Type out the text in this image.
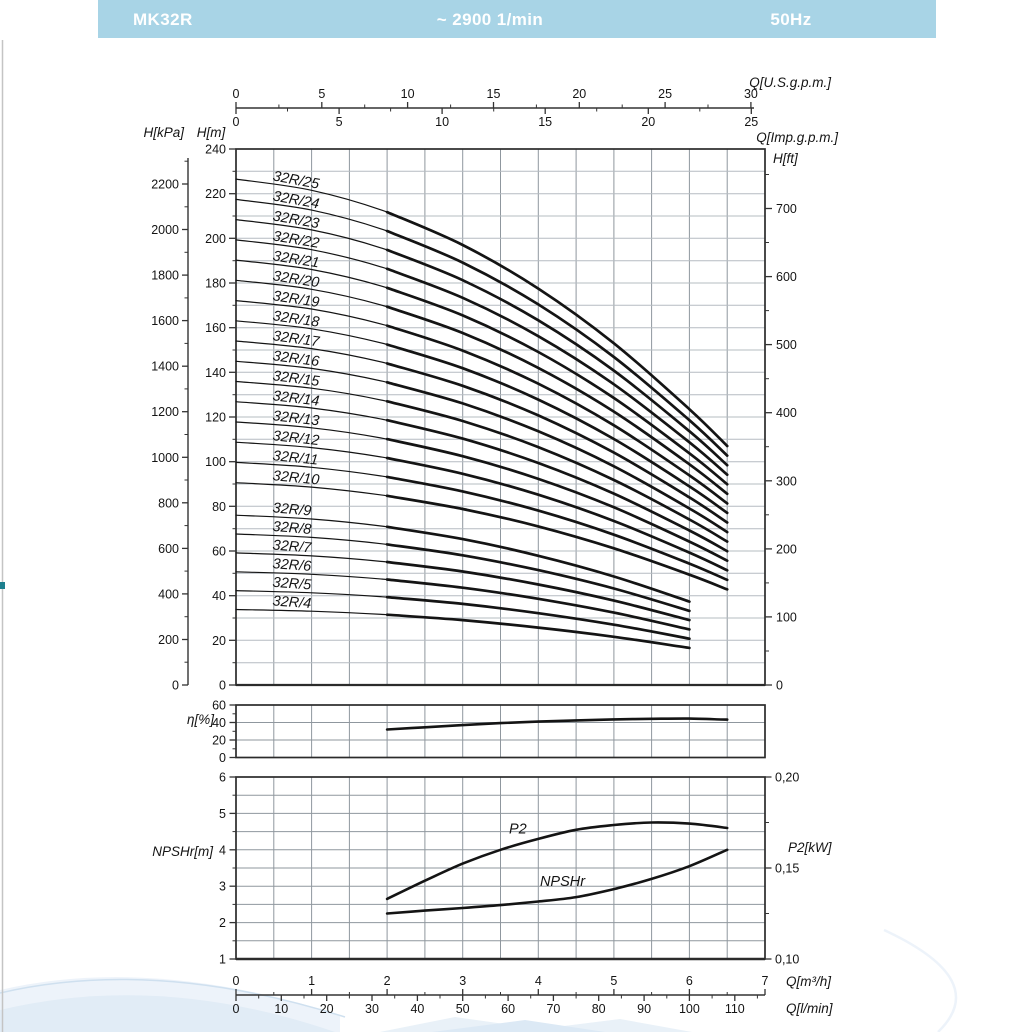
MK32R	~ 2900 1/min	50Hz
0
200
400
600
800
1000
1200
1400
1600
1800
2000
2200
0
20
40
60
80
100
120
140
160
180
200
220
240
0
100
200
300
400
500
600
700
0	5	10	15	20	25	30
0	5	10	15	20	25
0
20
40
60
1
2
3
4
5
6
0,10
0,15
0,20
0	1	2	3	4	5	6	7
0	10	20	30	40	50	60	70	80	90 100 110
32R/25
32R/24
32R/23
32R/22
32R/21
32R/20
32R/19
32R/18
32R/17
32R/16
32R/15
32R/14
32R/13
32R/12
32R/11
32R/10
32R/9
32R/8
32R/7
32R/6
32R/5
32R/4
P2
NPSHr
Q[U.S.g.p.m.]
Q[Imp.g.p.m.]
H[kPa] H[m]
H[ft]
η[%]
NPSHr[m]	P2[kW]
Q[m³/h]
Q[l/min]
